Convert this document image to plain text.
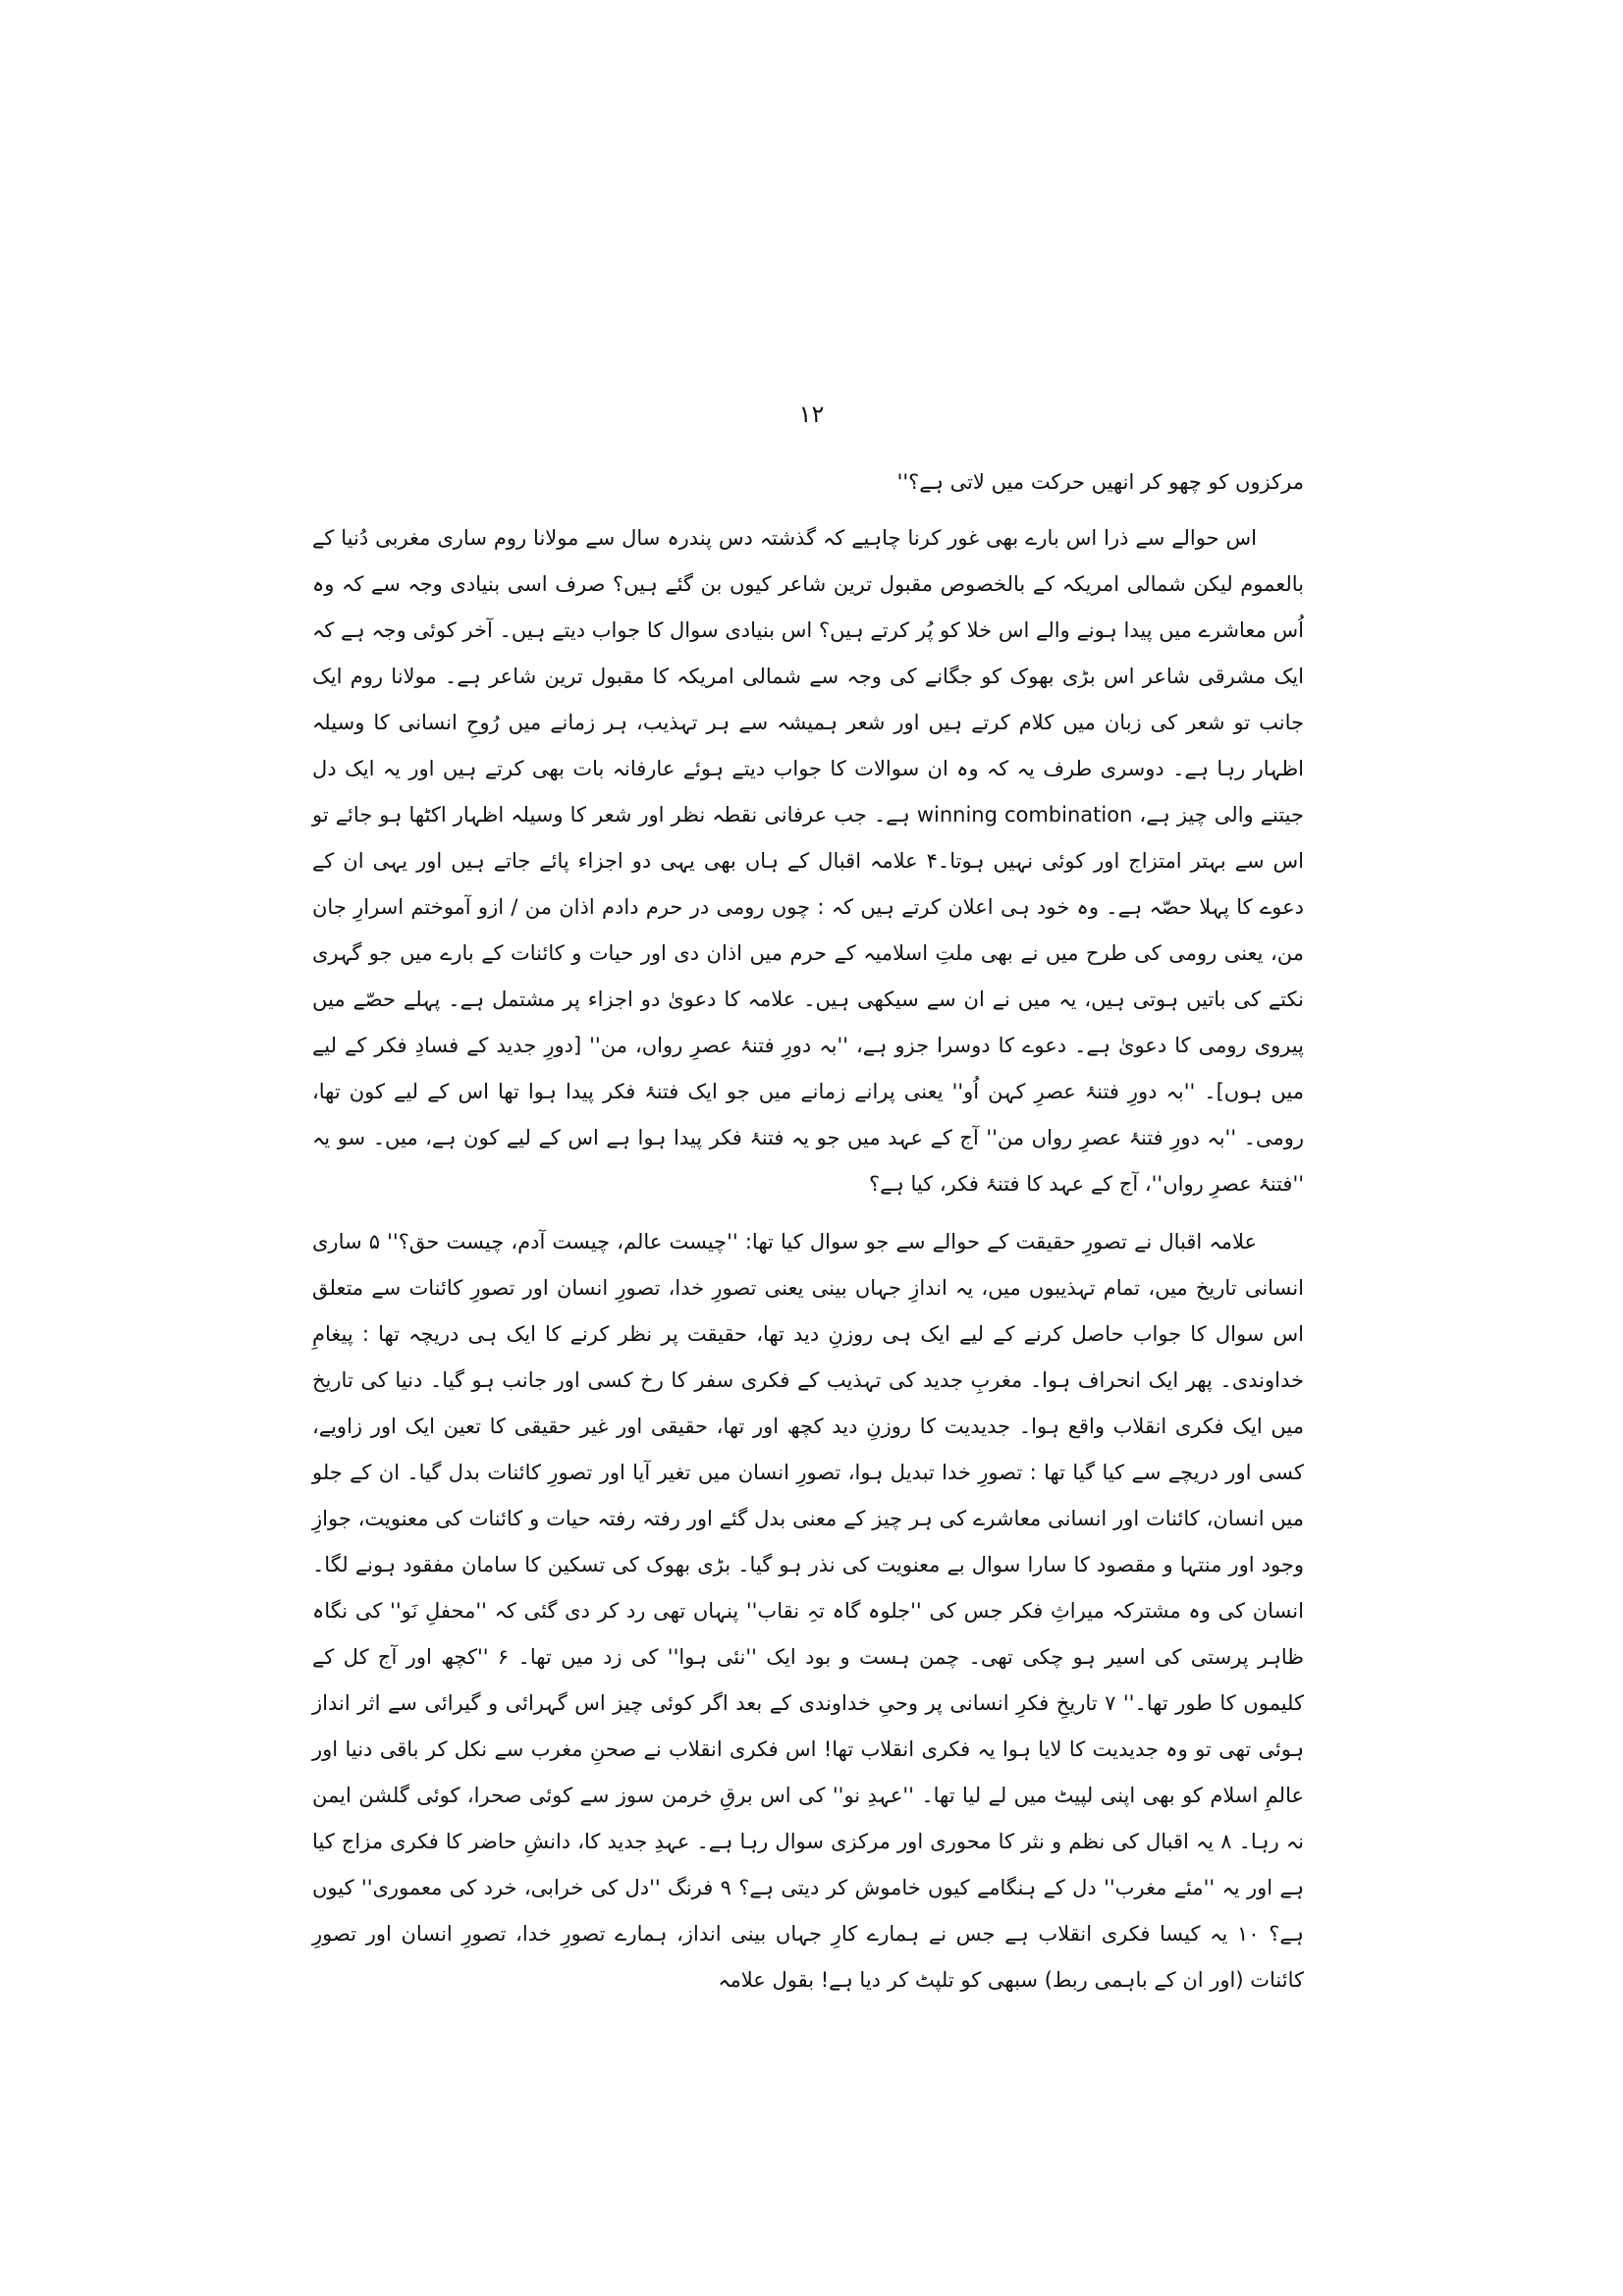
۱۲

مرکزوں کو چھو کر انھیں حرکت میں لاتی ہے؟''

اس حوالے سے ذرا اس بارے بھی غور کرنا چاہیے کہ گذشتہ دس پندرہ سال سے مولانا روم ساری مغربی دُنیا کے بالعموم لیکن شمالی امریکہ کے بالخصوص مقبول ترین شاعر کیوں بن گئے ہیں؟ صرف اسی بنیادی وجہ سے کہ وہ اُس معاشرے میں پیدا ہونے والے اس خلا کو پُر کرتے ہیں؟ اس بنیادی سوال کا جواب دیتے ہیں۔ آخر کوئی وجہ ہے کہ ایک مشرقی شاعر اس بڑی بھوک کو جگانے کی وجہ سے شمالی امریکہ کا مقبول ترین شاعر ہے۔ مولانا روم ایک جانب تو شعر کی زبان میں کلام کرتے ہیں اور شعر ہمیشہ سے ہر تہذیب، ہر زمانے میں رُوحِ انسانی کا وسیلہ اظہار رہا ہے۔ دوسری طرف یہ کہ وہ ان سوالات کا جواب دیتے ہوئے عارفانہ بات بھی کرتے ہیں اور یہ ایک دل جیتنے والی چیز ہے، winning combination ہے۔ جب عرفانی نقطہ نظر اور شعر کا وسیلہ اظہار اکٹھا ہو جائے تو اس سے بہتر امتزاج اور کوئی نہیں ہوتا۔۴ علامہ اقبال کے ہاں بھی یہی دو اجزاء پائے جاتے ہیں اور یہی ان کے دعوے کا پہلا حصّہ ہے۔ وہ خود ہی اعلان کرتے ہیں کہ : چوں رومی در حرم دادم اذان من / ازو آموختم اسرارِ جان من، یعنی رومی کی طرح میں نے بھی ملتِ اسلامیہ کے حرم میں اذان دی اور حیات و کائنات کے بارے میں جو گہری نکتے کی باتیں ہوتی ہیں، یہ میں نے ان سے سیکھی ہیں۔ علامہ کا دعویٰ دو اجزاء پر مشتمل ہے۔ پہلے حصّے میں پیروی رومی کا دعویٰ ہے۔ دعوے کا دوسرا جزو ہے، ''بہ دورِ فتنۂ عصرِ رواں، من'' [دورِ جدید کے فسادِ فکر کے لیے میں ہوں]۔ ''بہ دورِ فتنۂ عصرِ کہن اُو'' یعنی پرانے زمانے میں جو ایک فتنۂ فکر پیدا ہوا تھا اس کے لیے کون تھا، رومی۔ ''بہ دورِ فتنۂ عصرِ رواں من'' آج کے عہد میں جو یہ فتنۂ فکر پیدا ہوا ہے اس کے لیے کون ہے، میں۔ سو یہ ''فتنۂ عصرِ رواں''، آج کے عہد کا فتنۂ فکر، کیا ہے؟

علامہ اقبال نے تصورِ حقیقت کے حوالے سے جو سوال کیا تھا: ''چیست عالم، چیست آدم، چیست حق؟'' ۵ ساری انسانی تاریخ میں، تمام تہذیبوں میں، یہ اندازِ جہاں بینی یعنی تصورِ خدا، تصورِ انسان اور تصورِ کائنات سے متعلق اس سوال کا جواب حاصل کرنے کے لیے ایک ہی روزنِ دید تھا، حقیقت پر نظر کرنے کا ایک ہی دریچہ تھا : پیغامِ خداوندی۔ پھر ایک انحراف ہوا۔ مغربِ جدید کی تہذیب کے فکری سفر کا رخ کسی اور جانب ہو گیا۔ دنیا کی تاریخ میں ایک فکری انقلاب واقع ہوا۔ جدیدیت کا روزنِ دید کچھ اور تھا، حقیقی اور غیر حقیقی کا تعین ایک اور زاویے، کسی اور دریچے سے کیا گیا تھا : تصورِ خدا تبدیل ہوا، تصورِ انسان میں تغیر آیا اور تصورِ کائنات بدل گیا۔ ان کے جلو میں انسان، کائنات اور انسانی معاشرے کی ہر چیز کے معنی بدل گئے اور رفتہ رفتہ حیات و کائنات کی معنویت، جوازِ وجود اور منتہا و مقصود کا سارا سوال بے معنویت کی نذر ہو گیا۔ بڑی بھوک کی تسکین کا سامان مفقود ہونے لگا۔ انسان کی وہ مشترکہ میراثِ فکر جس کی ''جلوہ گاہ تہِ نقاب'' پنہاں تھی رد کر دی گئی کہ ''محفلِ نَو'' کی نگاہ ظاہر پرستی کی اسیر ہو چکی تھی۔ چمن ہست و بود ایک ''نئی ہوا'' کی زد میں تھا۔ ۶ ''کچھ اور آج کل کے کلیموں کا طور تھا۔'' ۷ تاریخِ فکرِ انسانی پر وحیِ خداوندی کے بعد اگر کوئی چیز اس گہرائی و گیرائی سے اثر انداز ہوئی تھی تو وہ جدیدیت کا لایا ہوا یہ فکری انقلاب تھا! اس فکری انقلاب نے صحنِ مغرب سے نکل کر باقی دنیا اور عالمِ اسلام کو بھی اپنی لپیٹ میں لے لیا تھا۔ ''عہدِ نو'' کی اس برقِ خرمن سوز سے کوئی صحرا، کوئی گلشن ایمن نہ رہا۔ ۸ یہ اقبال کی نظم و نثر کا محوری اور مرکزی سوال رہا ہے۔ عہدِ جدید کا، دانشِ حاضر کا فکری مزاج کیا ہے اور یہ ''مئے مغرب'' دل کے ہنگامے کیوں خاموش کر دیتی ہے؟ ۹ فرنگ ''دل کی خرابی، خرد کی معموری'' کیوں ہے؟ ۱۰ یہ کیسا فکری انقلاب ہے جس نے ہمارے کارِ جہاں بینی انداز، ہمارے تصورِ خدا، تصورِ انسان اور تصورِ کائنات (اور ان کے باہمی ربط) سبھی کو تلپٹ کر دیا ہے! بقول علامہ
